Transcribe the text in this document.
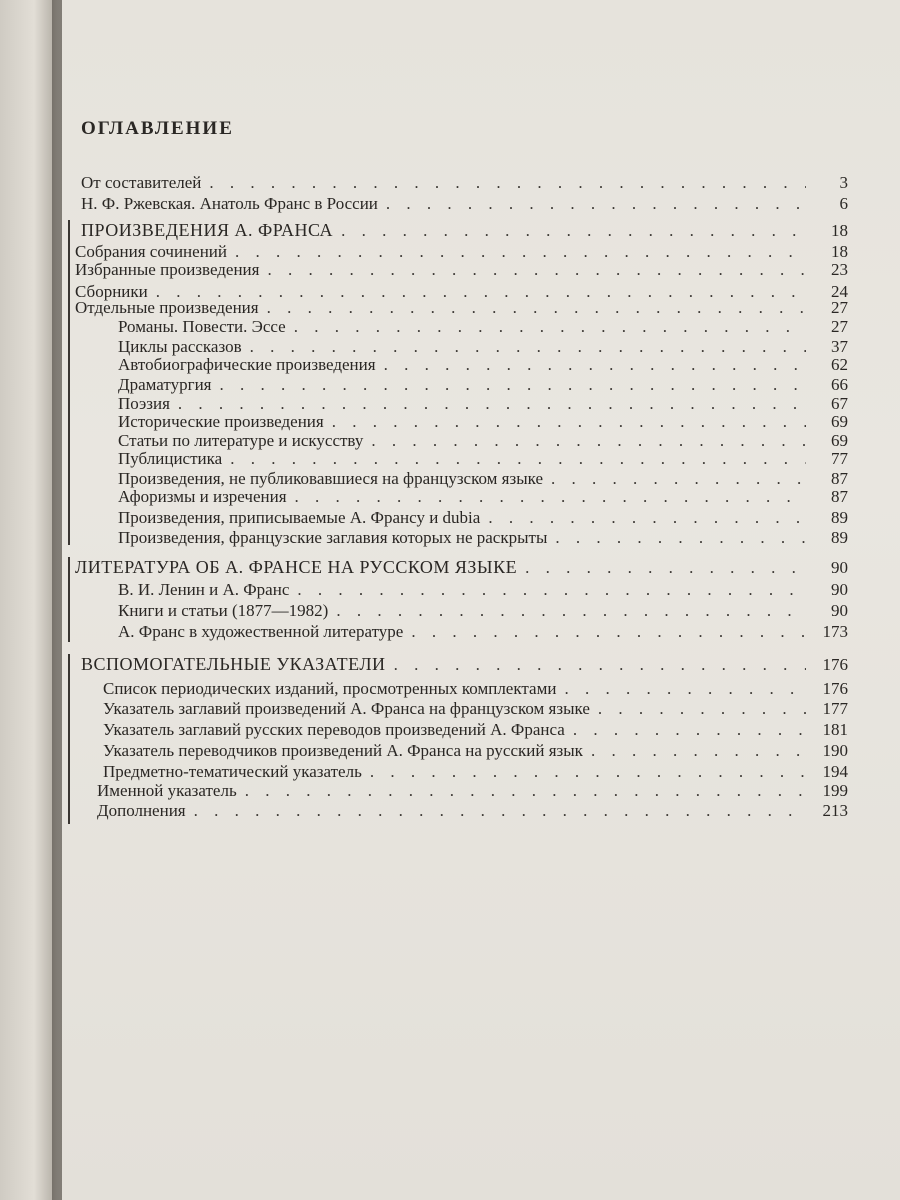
ОГЛАВЛЕНИЕ
От составителей . . .	3
Н. Ф. Ржевская. Анатоль Франс в России . . .	6
ПРОИЗВЕДЕНИЯ А. ФРАНСА . . .	18
Собрания сочинений . . .	18
Избранные произведения . . .	23
Сборники . . .	24
Отдельные произведения . . .	27
Романы. Повести. Эссе . . .	27
Циклы рассказов . . .	37
Автобиографические произведения . . .	62
Драматургия . . .	66
Поэзия . . .	67
Исторические произведения . . .	69
Статьи по литературе и искусству . . .	69
Публицистика . . .	77
Произведения, не публиковавшиеся на французском языке . . .	87
Афоризмы и изречения . . .	87
Произведения, приписываемые А. Франсу и dubia . . .	89
Произведения, французские заглавия которых не раскрыты . . .	89
ЛИТЕРАТУРА ОБ А. ФРАНСЕ НА РУССКОМ ЯЗЫКЕ . . .	90
В. И. Ленин и А. Франс . . .	90
Книги и статьи (1877—1982) . . .	90
А. Франс в художественной литературе . . .	173
ВСПОМОГАТЕЛЬНЫЕ УКАЗАТЕЛИ . . .	176
Список периодических изданий, просмотренных комплектами . . .	176
Указатель заглавий произведений А. Франса на французском языке . . .	177
Указатель заглавий русских переводов произведений А. Франса . . .	181
Указатель переводчиков произведений А. Франса на русский язык . . .	190
Предметно-тематический указатель . . .	194
Именной указатель . . .	199
Дополнения . . .	213
